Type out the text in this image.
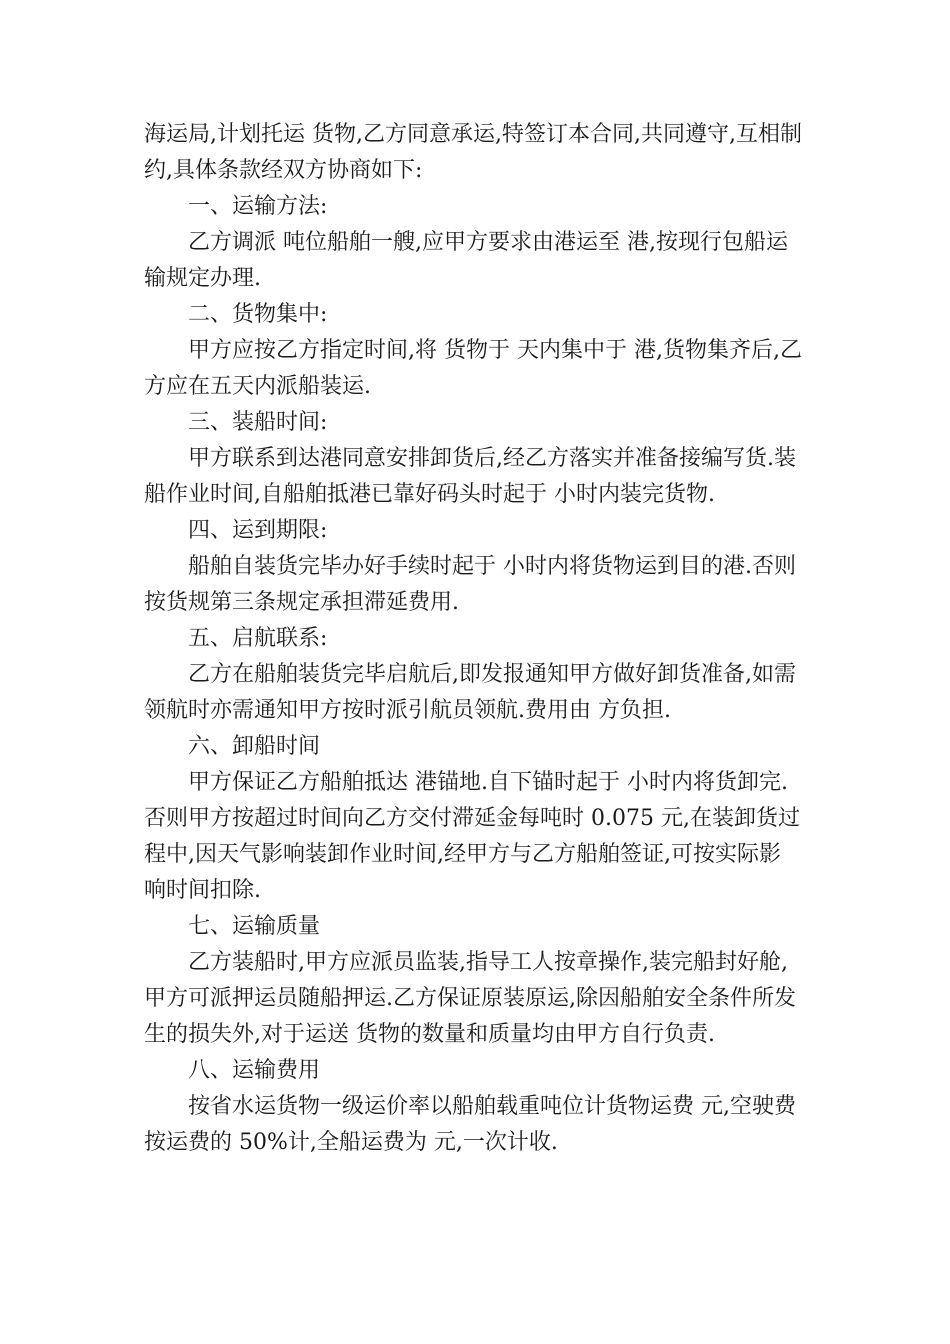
海运局,计划托运 货物,乙方同意承运,特签订本合同,共同遵守,互相制
约,具体条款经双方协商如下:
一、运输方法:
乙方调派 吨位船舶一艘,应甲方要求由港运至 港,按现行包船运
输规定办理.
二、货物集中:
甲方应按乙方指定时间,将 货物于 天内集中于 港,货物集齐后,乙
方应在五天内派船装运.
三、装船时间:
甲方联系到达港同意安排卸货后,经乙方落实并准备接编写货.装
船作业时间,自船舶抵港已靠好码头时起于 小时内装完货物.
四、运到期限:
船舶自装货完毕办好手续时起于 小时内将货物运到目的港.否则
按货规第三条规定承担滞延费用.
五、启航联系:
乙方在船舶装货完毕启航后,即发报通知甲方做好卸货准备,如需
领航时亦需通知甲方按时派引航员领航.费用由 方负担.
六、卸船时间
甲方保证乙方船舶抵达 港锚地.自下锚时起于 小时内将货卸完.
否则甲方按超过时间向乙方交付滞延金每吨时 0.075 元,在装卸货过
程中,因天气影响装卸作业时间,经甲方与乙方船舶签证,可按实际影
响时间扣除.
七、运输质量
乙方装船时,甲方应派员监装,指导工人按章操作,装完船封好舱,
甲方可派押运员随船押运.乙方保证原装原运,除因船舶安全条件所发
生的损失外,对于运送 货物的数量和质量均由甲方自行负责.
八、运输费用
按省水运货物一级运价率以船舶载重吨位计货物运费 元,空驶费
按运费的 50%计,全船运费为 元,一次计收.
